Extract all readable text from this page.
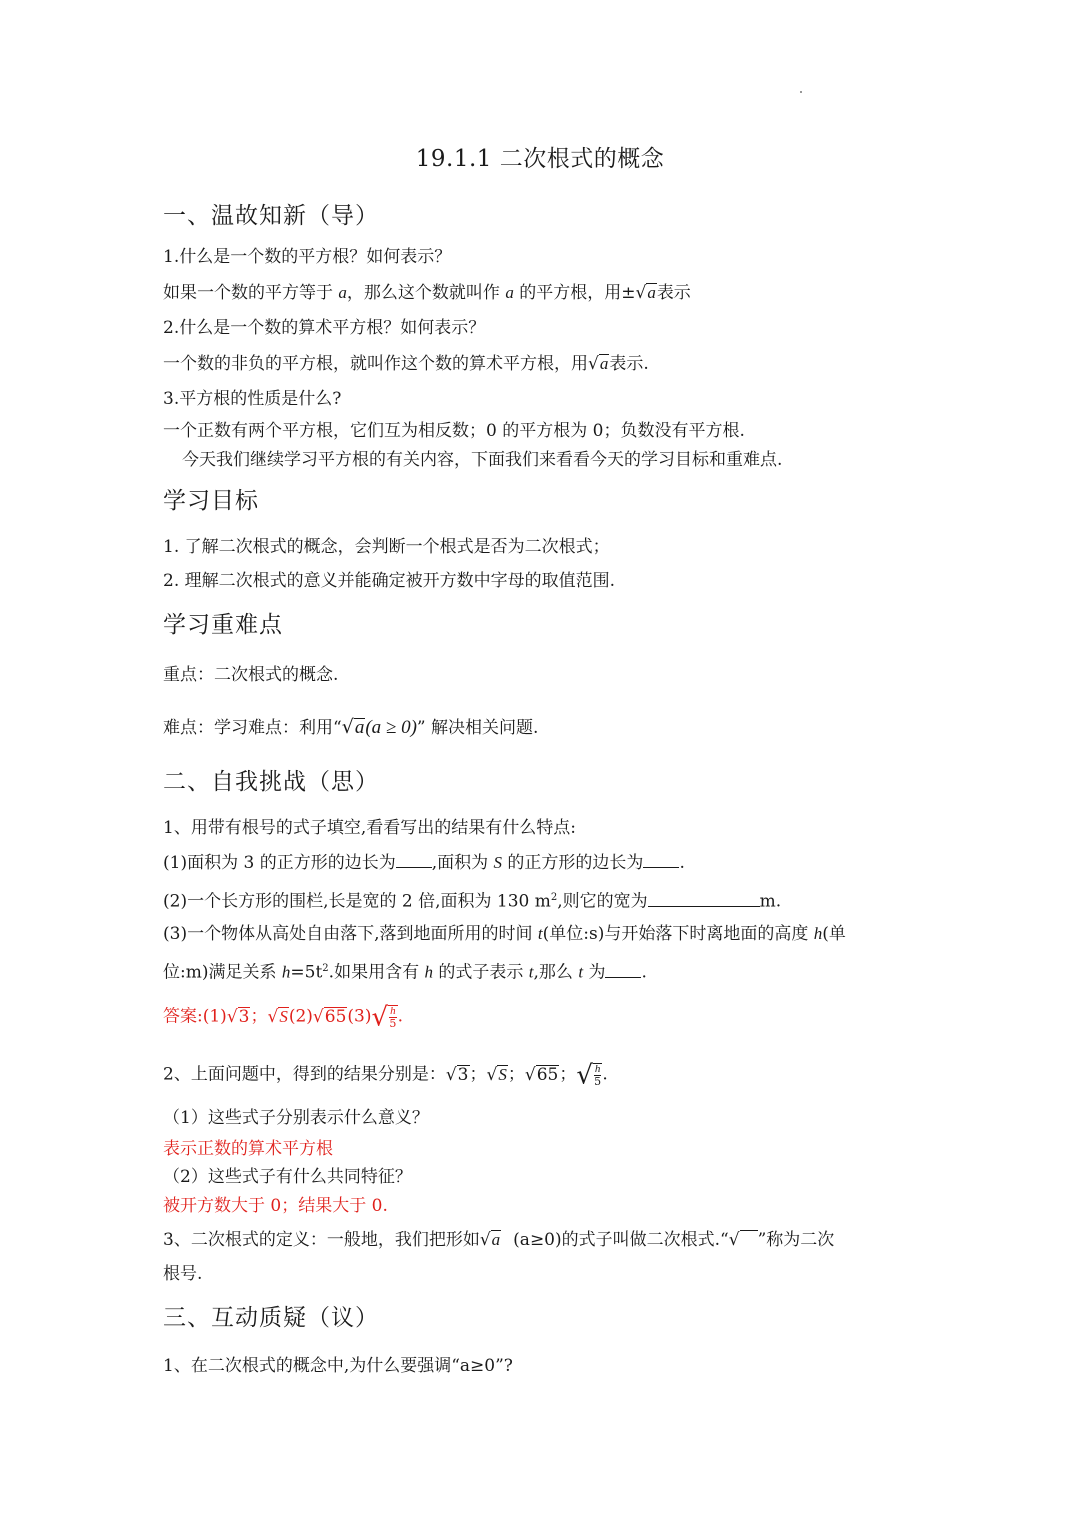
19.1.1 二次根式的概念
一、温故知新（导）
1.什么是一个数的平方根？如何表示？
如果一个数的平方等于 a，那么这个数就叫作 a 的平方根，用±√a表示
2.什么是一个数的算术平方根？如何表示？
一个数的非负的平方根，就叫作这个数的算术平方根，用√a表示.
3.平方根的性质是什么?
一个正数有两个平方根，它们互为相反数；0 的平方根为 0；负数没有平方根.
今天我们继续学习平方根的有关内容，下面我们来看看今天的学习目标和重难点.
学习目标
1. 了解二次根式的概念，会判断一个根式是否为二次根式；
2. 理解二次根式的意义并能确定被开方数中字母的取值范围.
学习重难点
重点：二次根式的概念.
难点：学习难点：利用“√a(a ≥ 0)” 解决相关问题.
二、自我挑战（思）
1、用带有根号的式子填空,看看写出的结果有什么特点:
(1)面积为 3 的正方形的边长为 ,面积为 S 的正方形的边长为 .
(2)一个长方形的围栏,长是宽的 2 倍,面积为 130 $m^2$,则它的宽为	m.
(3)一个物体从高处自由落下,落到地面所用的时间 t(单位:s)与开始落下时离地面的高度 h(单
位:m)满足关系 $h=5t^2$.如果用含有 h 的式子表示 t,那么 t 为 .
答案:(1)√3；$√S(2)√65(3)√ \frac{h}{5}$ .
2、上面问题中，得到的结果分别是：√3；√S；√65；√ $\frac{h}{5}$ .
（1）这些式子分别表示什么意义？
表示正数的算术平方根
（2）这些式子有什么共同特征？
被开方数大于 0；结果大于 0.
3、二次根式的定义：一般地，我们把形如√a (a≥0)的式子叫做二次根式.“√ ”称为二次
根号.
三、互动质疑（议）
1、在二次根式的概念中,为什么要强调“a≥0”?
